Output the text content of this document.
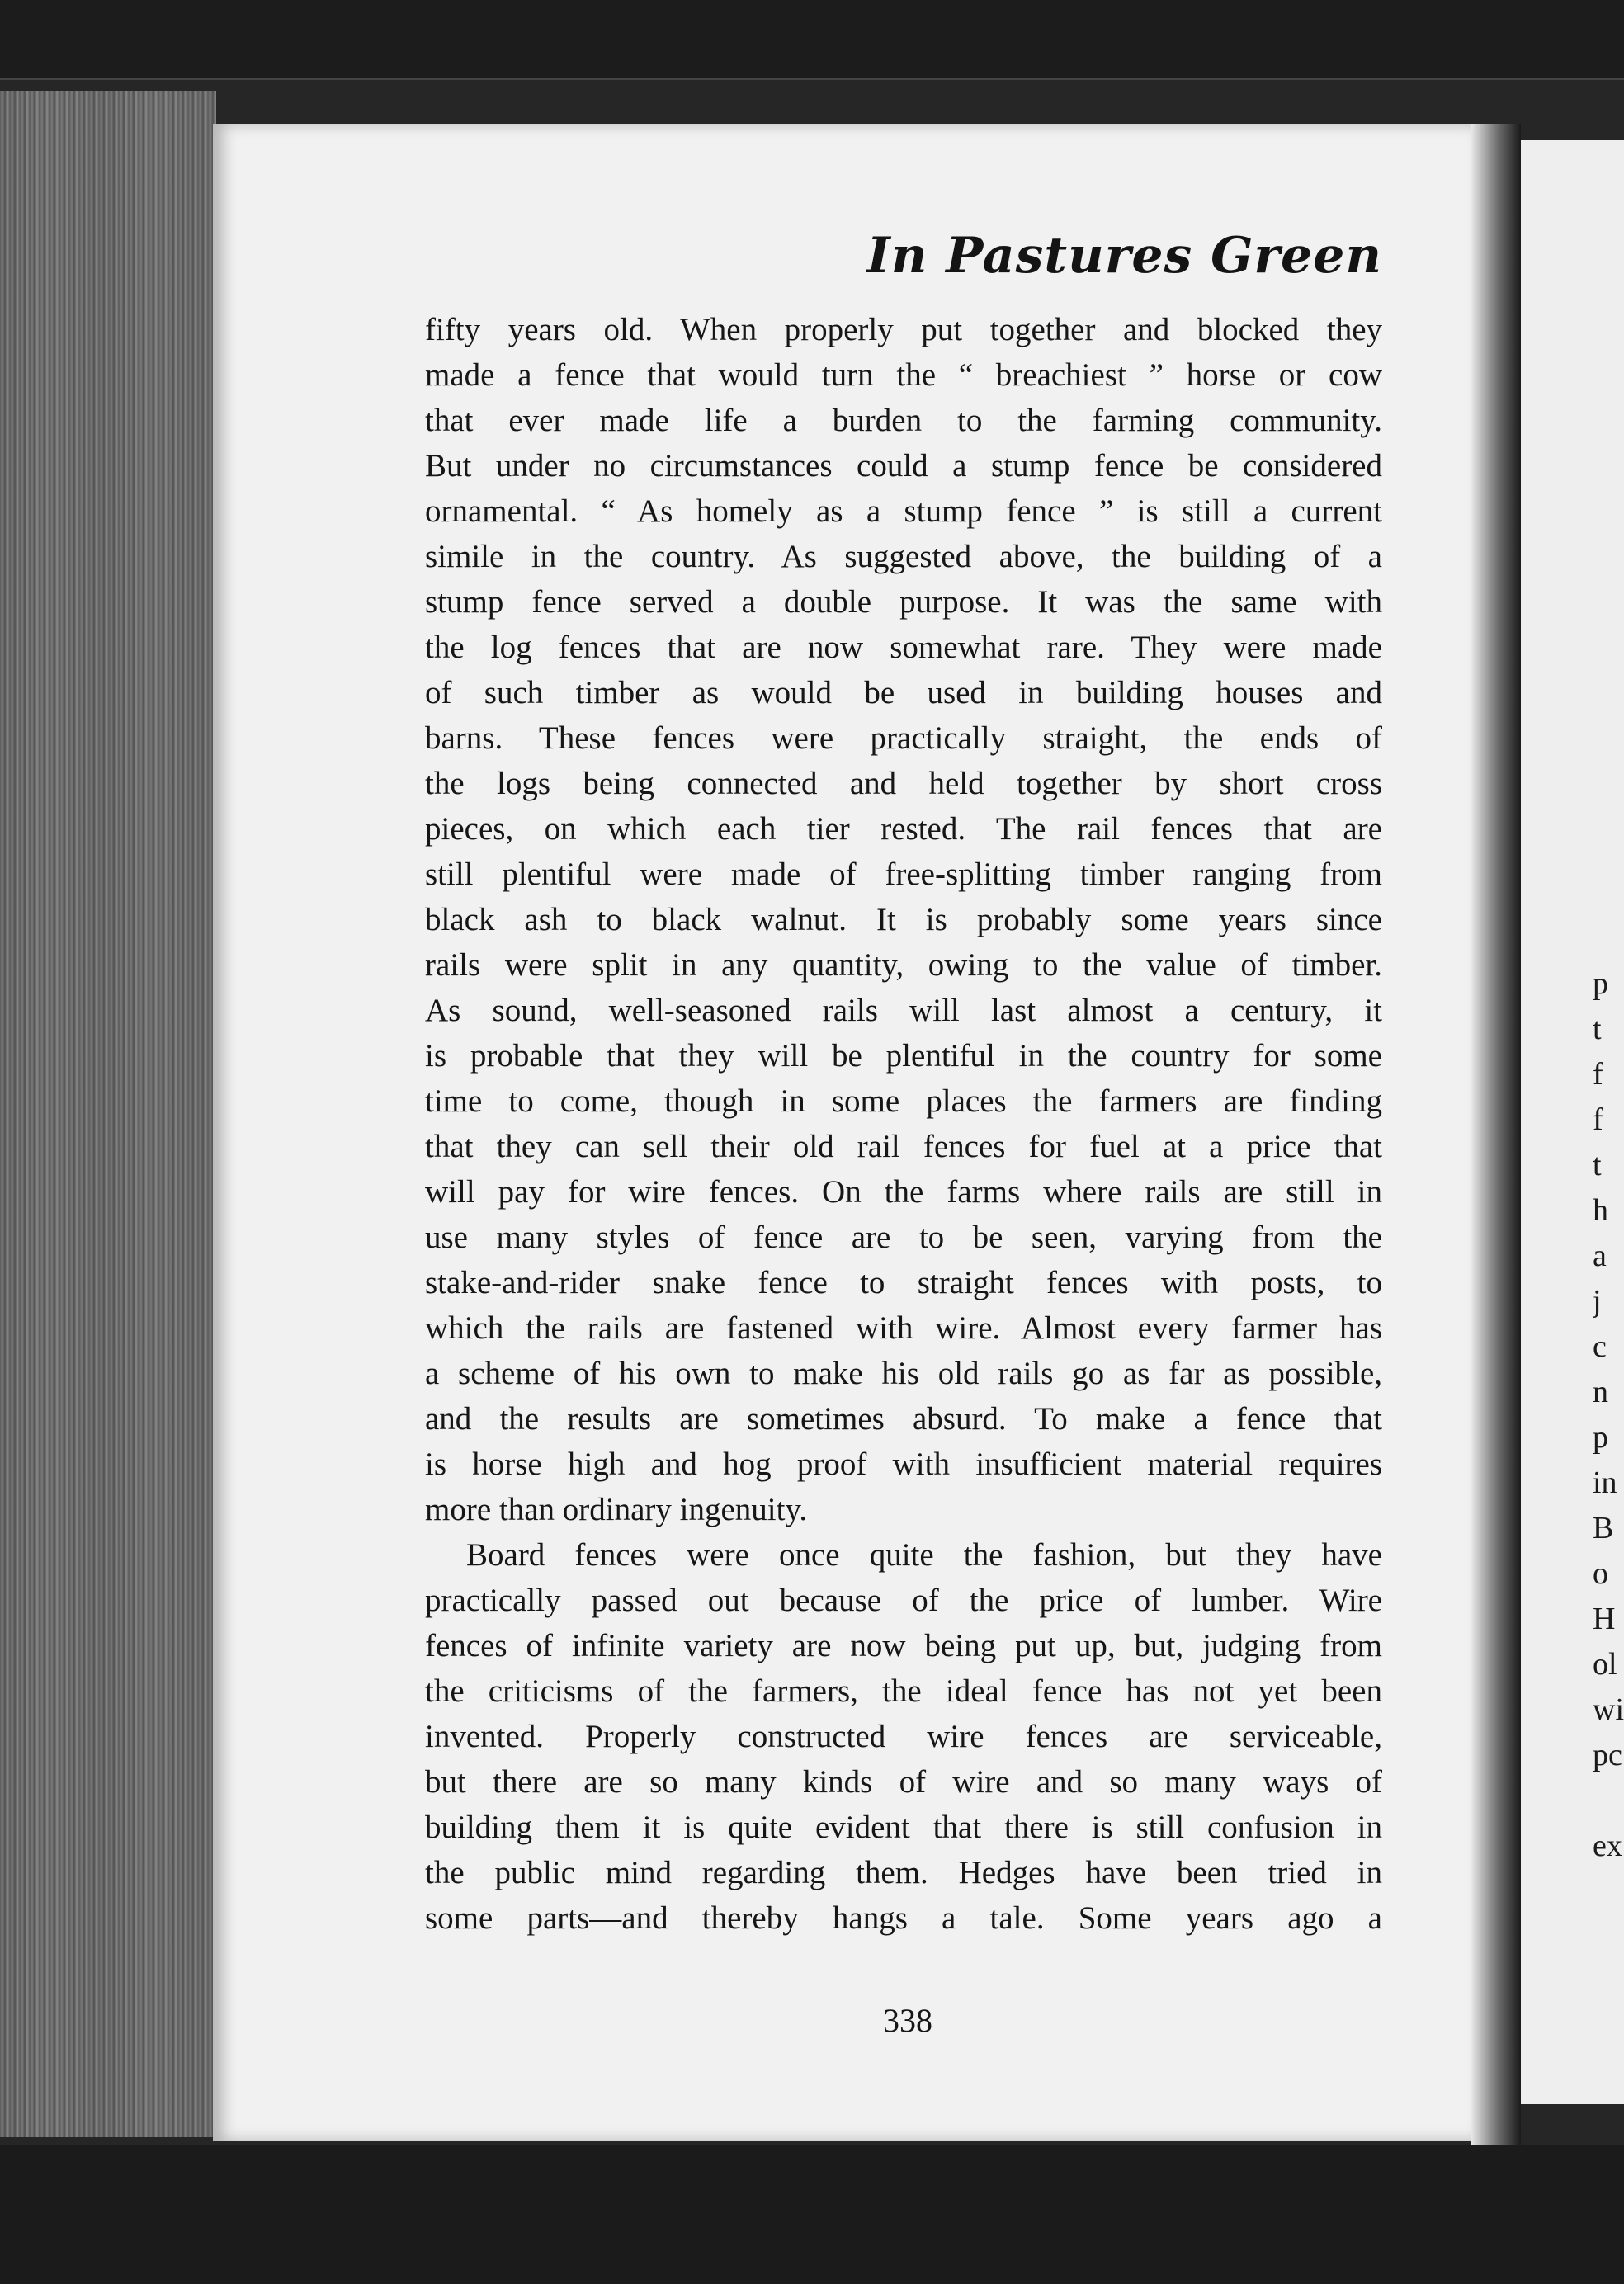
In Pastures Green
fifty years old. When properly put together and blocked they
made a fence that would turn the “ breachiest ” horse or cow
that ever made life a burden to the farming community.
But under no circumstances could a stump fence be considered
ornamental. “ As homely as a stump fence ” is still a current
simile in the country. As suggested above, the building of a
stump fence served a double purpose. It was the same with
the log fences that are now somewhat rare. They were made
of such timber as would be used in building houses and
barns. These fences were practically straight, the ends of
the logs being connected and held together by short cross
pieces, on which each tier rested. The rail fences that are
still plentiful were made of free-splitting timber ranging from
black ash to black walnut. It is probably some years since
rails were split in any quantity, owing to the value of timber.
As sound, well-seasoned rails will last almost a century, it
is probable that they will be plentiful in the country for some
time to come, though in some places the farmers are finding
that they can sell their old rail fences for fuel at a price that
will pay for wire fences. On the farms where rails are still in
use many styles of fence are to be seen, varying from the
stake-and-rider snake fence to straight fences with posts, to
which the rails are fastened with wire. Almost every farmer has
a scheme of his own to make his old rails go as far as possible,
and the results are sometimes absurd. To make a fence that
is horse high and hog proof with insufficient material requires
more than ordinary ingenuity.
Board fences were once quite the fashion, but they have
practically passed out because of the price of lumber. Wire
fences of infinite variety are now being put up, but, judging from
the criticisms of the farmers, the ideal fence has not yet been
invented. Properly constructed wire fences are serviceable,
but there are so many kinds of wire and so many ways of
building them it is quite evident that there is still confusion in
the public mind regarding them. Hedges have been tried in
some parts—and thereby hangs a tale. Some years ago a

338

p
t
f
f
t
h
a
j
c
n
p
in
B
o
H
ol
wi
pc
ex
